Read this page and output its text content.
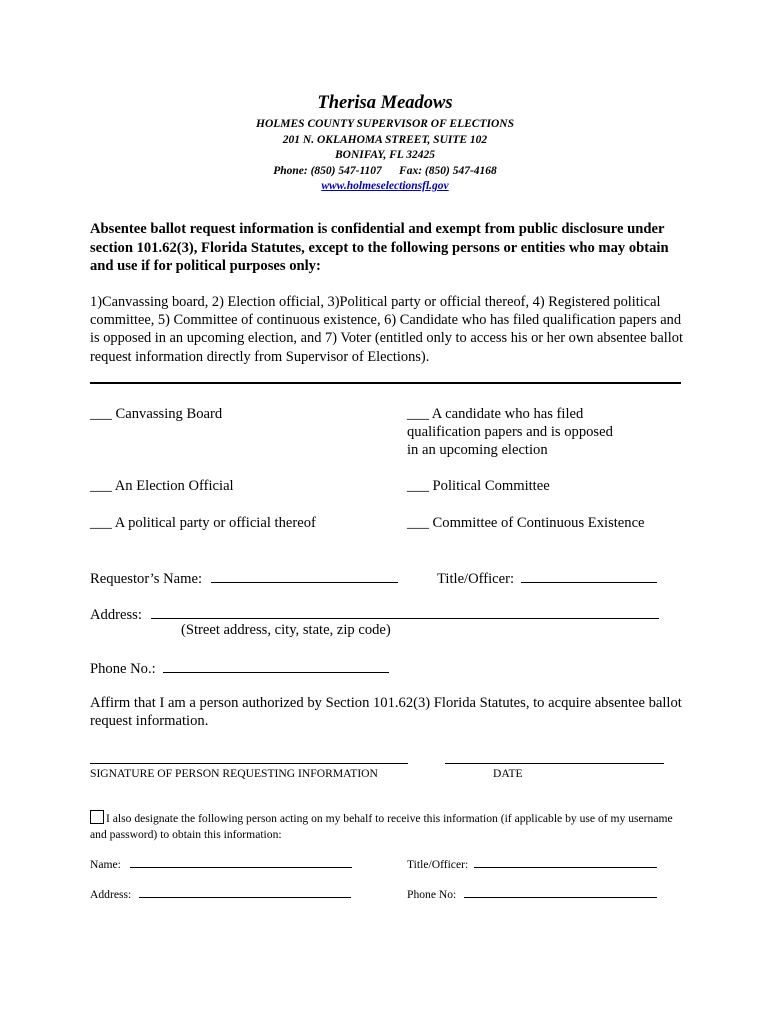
Therisa Meadows
HOLMES COUNTY SUPERVISOR OF ELECTIONS
201 N. OKLAHOMA STREET, SUITE 102
BONIFAY, FL 32425
Phone: (850) 547-1107      Fax: (850) 547-4168
www.holmeselectionsfl.gov
Absentee ballot request information is confidential and exempt from public disclosure under section 101.62(3), Florida Statutes, except to the following persons or entities who may obtain and use if for political purposes only:
1)Canvassing board, 2) Election official, 3)Political party or official thereof, 4) Registered political committee, 5) Committee of continuous existence, 6) Candidate who has filed qualification papers and is opposed in an upcoming election, and 7) Voter (entitled only to access his or her own absentee ballot request information directly from Supervisor of Elections).
___ Canvassing Board	___ A candidate who has filed
qualification papers and is opposed
in an upcoming election
___ An Election Official	___ Political Committee
___ A political party or official thereof	___ Committee of Continuous Existence
Requestor’s Name:	Title/Officer:
Address:
(Street address, city, state, zip code)
Phone No.:
Affirm that I am a person authorized by Section 101.62(3) Florida Statutes, to acquire absentee ballot request information.
SIGNATURE OF PERSON REQUESTING INFORMATION	DATE
I also designate the following person acting on my behalf to receive this information (if applicable by use of my username and password) to obtain this information:
Name:	Title/Officer:
Address:	Phone No:
